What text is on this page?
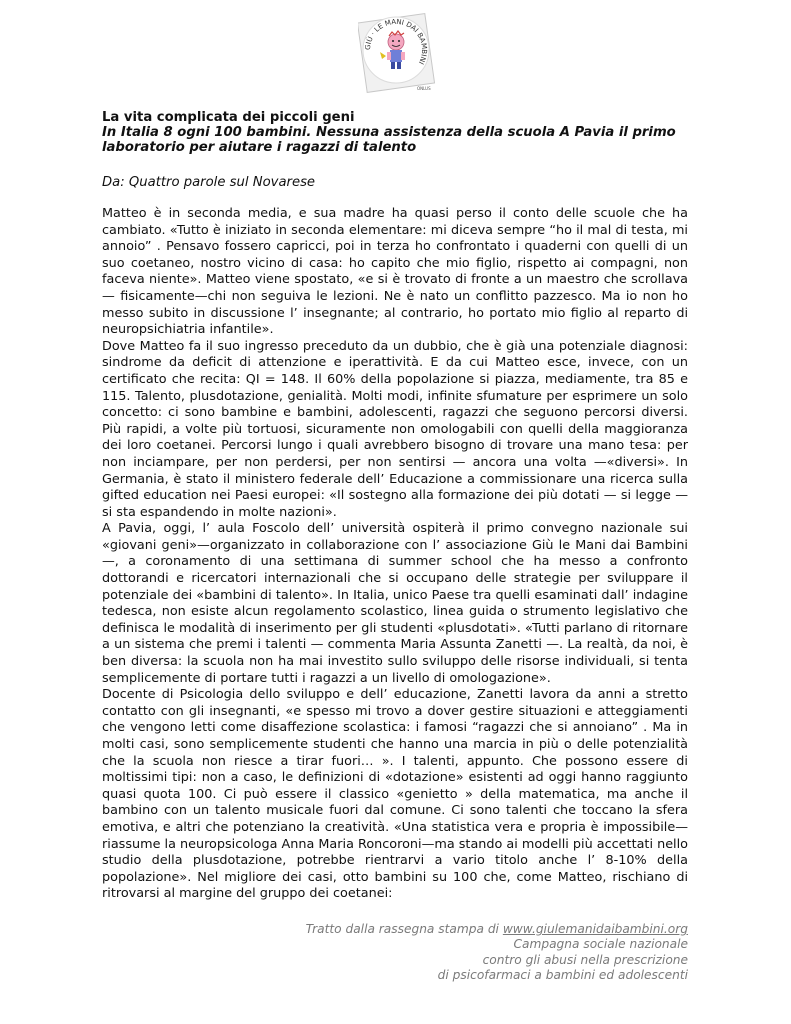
GIÙ · LE MANI DAI BAMBINI
ONLUS

La vita complicata dei piccoli geni

In Italia 8 ogni 100 bambini. Nessuna assistenza della scuola A Pavia il primo laboratorio per aiutare i ragazzi di talento

Da: Quattro parole sul Novarese

Matteo è in seconda media, e sua madre ha quasi perso il conto delle scuole che ha cambiato. «Tutto è iniziato in seconda elementare: mi diceva sempre “ho il mal di testa, mi annoio” . Pensavo fossero capricci, poi in terza ho confrontato i quaderni con quelli di un suo coetaneo, nostro vicino di casa: ho capito che mio figlio, rispetto ai compagni, non faceva niente». Matteo viene spostato, «e si è trovato di fronte a un maestro che scrollava— fisicamente—chi non seguiva le lezioni. Ne è nato un conflitto pazzesco. Ma io non ho messo subito in discussione l’ insegnante; al contrario, ho portato mio figlio al reparto di neuropsichiatria infantile».

Dove Matteo fa il suo ingresso preceduto da un dubbio, che è già una potenziale diagnosi: sindrome da deficit di attenzione e iperattività. E da cui Matteo esce, invece, con un certificato che recita: QI = 148. Il 60% della popolazione si piazza, mediamente, tra 85 e 115. Talento, plusdotazione, genialità. Molti modi, infinite sfumature per esprimere un solo concetto: ci sono bambine e bambini, adolescenti, ragazzi che seguono percorsi diversi. Più rapidi, a volte più tortuosi, sicuramente non omologabili con quelli della maggioranza dei loro coetanei. Percorsi lungo i quali avrebbero bisogno di trovare una mano tesa: per non inciampare, per non perdersi, per non sentirsi — ancora una volta —«diversi». In Germania, è stato il ministero federale dell’ Educazione a commissionare una ricerca sulla gifted education nei Paesi europei: «Il sostegno alla formazione dei più dotati — si legge — si sta espandendo in molte nazioni».

A Pavia, oggi, l’ aula Foscolo dell’ università ospiterà il primo convegno nazionale sui «giovani geni»—organizzato in collaborazione con l’ associazione Giù le Mani dai Bambini —, a coronamento di una settimana di summer school che ha messo a confronto dottorandi e ricercatori internazionali che si occupano delle strategie per sviluppare il potenziale dei «bambini di talento». In Italia, unico Paese tra quelli esaminati dall’ indagine tedesca, non esiste alcun regolamento scolastico, linea guida o strumento legislativo che definisca le modalità di inserimento per gli studenti «plusdotati». «Tutti parlano di ritornare a un sistema che premi i talenti — commenta Maria Assunta Zanetti —. La realtà, da noi, è ben diversa: la scuola non ha mai investito sullo sviluppo delle risorse individuali, si tenta semplicemente di portare tutti i ragazzi a un livello di omologazione».

Docente di Psicologia dello sviluppo e dell’ educazione, Zanetti lavora da anni a stretto contatto con gli insegnanti, «e spesso mi trovo a dover gestire situazioni e atteggiamenti che vengono letti come disaffezione scolastica: i famosi “ragazzi che si annoiano” . Ma in molti casi, sono semplicemente studenti che hanno una marcia in più o delle potenzialità che la scuola non riesce a tirar fuori… ». I talenti, appunto. Che possono essere di moltissimi tipi: non a caso, le definizioni di «dotazione» esistenti ad oggi hanno raggiunto quasi quota 100. Ci può essere il classico «genietto » della matematica, ma anche il bambino con un talento musicale fuori dal comune. Ci sono talenti che toccano la sfera emotiva, e altri che potenziano la creatività. «Una statistica vera e propria è impossibile— riassume la neuropsicologa Anna Maria Roncoroni—ma stando ai modelli più accettati nello studio della plusdotazione, potrebbe rientrarvi a vario titolo anche l’ 8-10% della popolazione». Nel migliore dei casi, otto bambini su 100 che, come Matteo, rischiano di ritrovarsi al margine del gruppo dei coetanei:

Tratto dalla rassegna stampa di www.giulemanidaibambini.org
Campagna sociale nazionale
contro gli abusi nella prescrizione
di psicofarmaci a bambini ed adolescenti
